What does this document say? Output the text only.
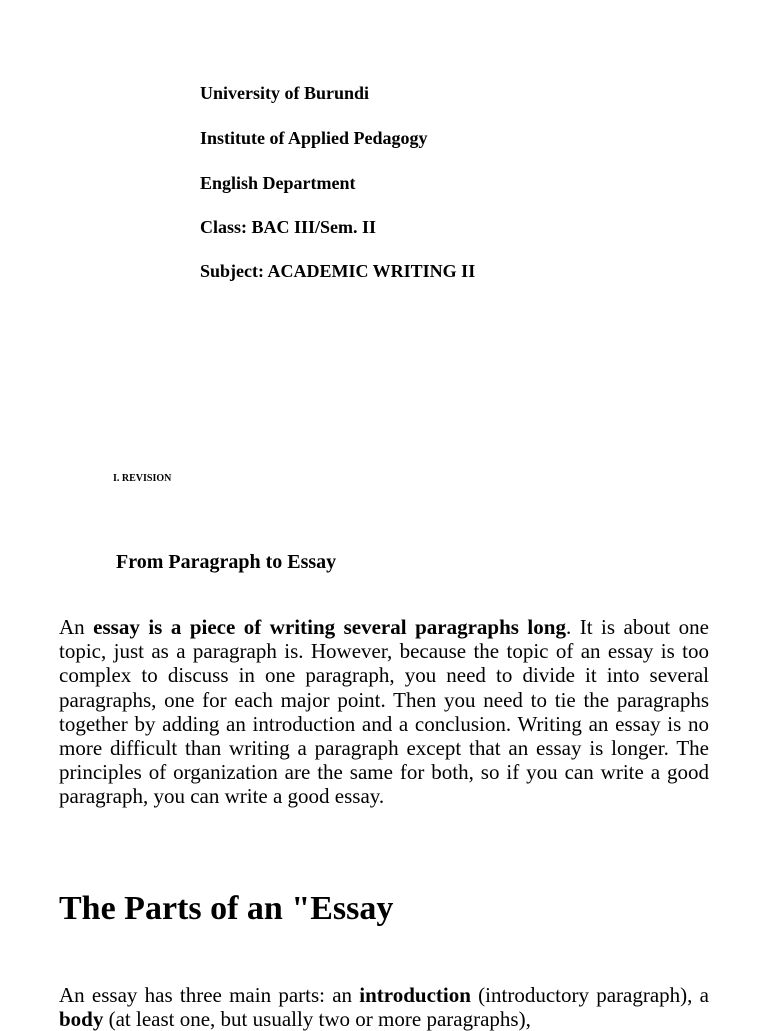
University of Burundi
Institute of Applied Pedagogy
English Department
Class: BAC III/Sem. II
Subject: ACADEMIC WRITING II
I. REVISION
From Paragraph to Essay

An essay is a piece of writing several paragraphs long. It is about one topic, just as a paragraph is. However, because the topic of an essay is too complex to discuss in one paragraph, you need to divide it into several paragraphs, one for each major point. Then you need to tie the paragraphs together by adding an introduction and a conclusion. Writing an essay is no more difficult than writing a paragraph except that an essay is longer. The principles of organization are the same for both, so if you can write a good paragraph, you can write a good essay.

The Parts of an "Essay

An essay has three main parts: an introduction (introductory paragraph), a body (at least one, but usually two or more paragraphs),
